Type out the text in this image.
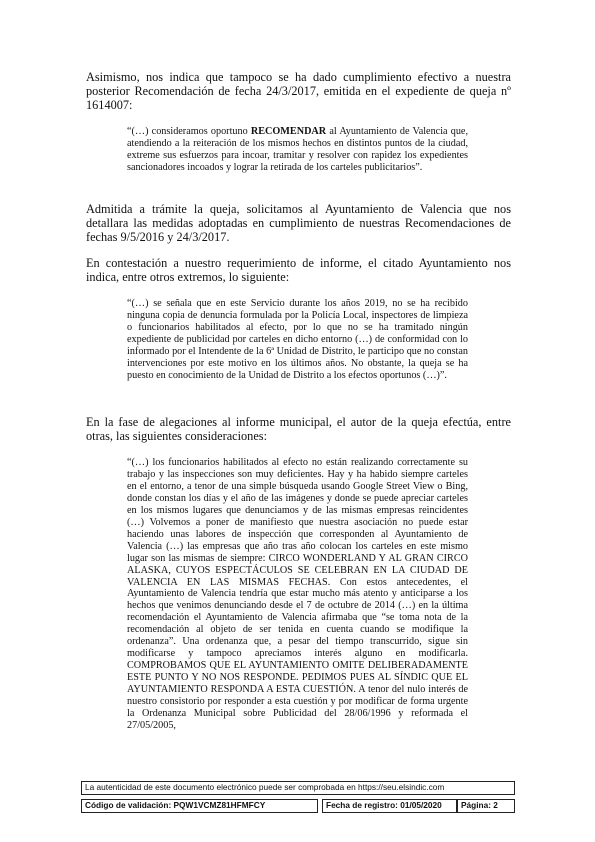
Asimismo, nos indica que tampoco se ha dado cumplimiento efectivo a nuestra posterior Recomendación de fecha 24/3/2017, emitida en el expediente de queja nº 1614007:
“(…) consideramos oportuno RECOMENDAR al Ayuntamiento de Valencia que, atendiendo a la reiteración de los mismos hechos en distintos puntos de la ciudad, extreme sus esfuerzos para incoar, tramitar y resolver con rapidez los expedientes sancionadores incoados y lograr la retirada de los carteles publicitarios”.
Admitida a trámite la queja, solicitamos al Ayuntamiento de Valencia que nos detallara las medidas adoptadas en cumplimiento de nuestras Recomendaciones de fechas 9/5/2016 y 24/3/2017.
En contestación a nuestro requerimiento de informe, el citado Ayuntamiento nos indica, entre otros extremos, lo siguiente:
“(…) se señala que en este Servicio durante los años 2019, no se ha recibido ninguna copia de denuncia formulada por la Policía Local, inspectores de limpieza o funcionarios habilitados al efecto, por lo que no se ha tramitado ningún expediente de publicidad por carteles en dicho entorno (…) de conformidad con lo informado por el Intendente de la 6ª Unidad de Distrito, le participo que no constan intervenciones por este motivo en los últimos años. No obstante, la queja se ha puesto en conocimiento de la Unidad de Distrito a los efectos oportunos (…)”.
En la fase de alegaciones al informe municipal, el autor de la queja efectúa, entre otras, las siguientes consideraciones:
“(…) los funcionarios habilitados al efecto no están realizando correctamente su trabajo y las inspecciones son muy deficientes. Hay y ha habido siempre carteles en el entorno, a tenor de una simple búsqueda usando Google Street View o Bing, donde constan los días y el año de las imágenes y donde se puede apreciar carteles en los mismos lugares que denunciamos y de las mismas empresas reincidentes (…) Volvemos a poner de manifiesto que nuestra asociación no puede estar haciendo unas labores de inspección que corresponden al Ayuntamiento de Valencia (…) las empresas que año tras año colocan los carteles en este mismo lugar son las mismas de siempre: CIRCO WONDERLAND Y AL GRAN CIRCO ALASKA, CUYOS ESPECTÁCULOS SE CELEBRAN EN LA CIUDAD DE VALENCIA EN LAS MISMAS FECHAS. Con estos antecedentes, el Ayuntamiento de Valencia tendría que estar mucho más atento y anticiparse a los hechos que venimos denunciando desde el 7 de octubre de 2014 (…) en la última recomendación el Ayuntamiento de Valencia afirmaba que “se toma nota de la recomendación al objeto de ser tenida en cuenta cuando se modifique la ordenanza”. Una ordenanza que, a pesar del tiempo transcurrido, sigue sin modificarse y tampoco apreciamos interés alguno en modificarla. COMPROBAMOS QUE EL AYUNTAMIENTO OMITE DELIBERADAMENTE ESTE PUNTO Y NO NOS RESPONDE. PEDIMOS PUES AL SÍNDIC QUE EL AYUNTAMIENTO RESPONDA A ESTA CUESTIÓN. A tenor del nulo interés de nuestro consistorio por responder a esta cuestión y por modificar de forma urgente la Ordenanza Municipal sobre Publicidad del 28/06/1996 y reformada el 27/05/2005,
La autenticidad de este documento electrónico puede ser comprobada en https://seu.elsindic.com
Código de validación: PQW1VCMZ81HFMFCY	Fecha de registro: 01/05/2020	Página: 2
